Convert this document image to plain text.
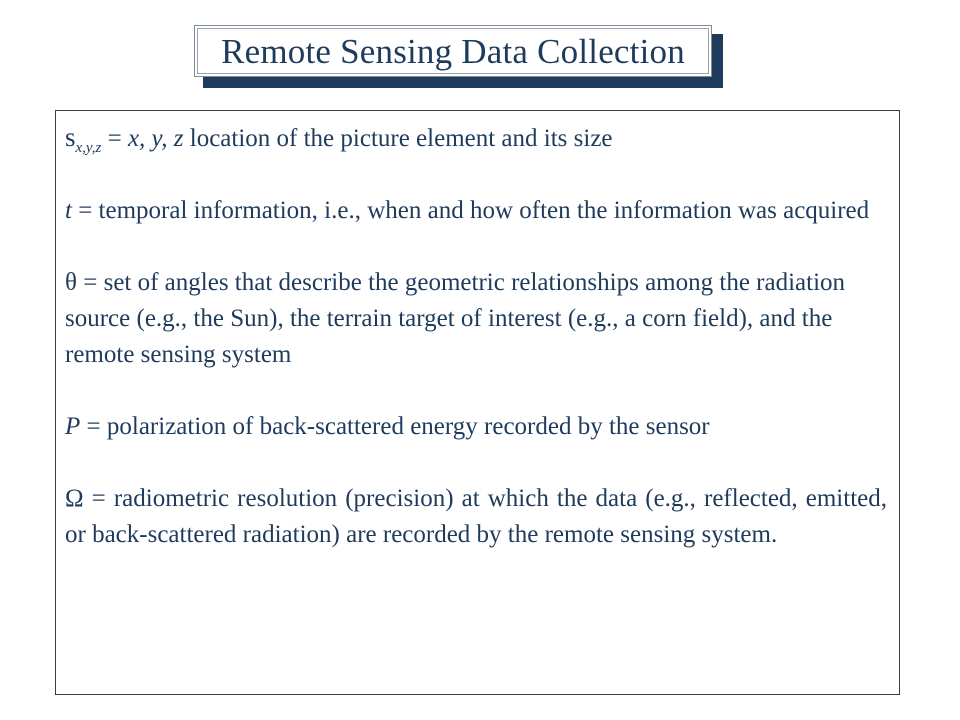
Remote Sensing Data Collection

$s_{x,y,z} = x$, y, z location of the picture element and its size

t = temporal information, i.e., when and how often the information was acquired

θ = set of angles that describe the geometric relationships among the radiation source (e.g., the Sun), the terrain target of interest (e.g., a corn field), and the remote sensing system

P = polarization of back-scattered energy recorded by the sensor

Ω = radiometric resolution (precision) at which the data (e.g., reflected, emitted, or back-scattered radiation) are recorded by the remote sensing system.
